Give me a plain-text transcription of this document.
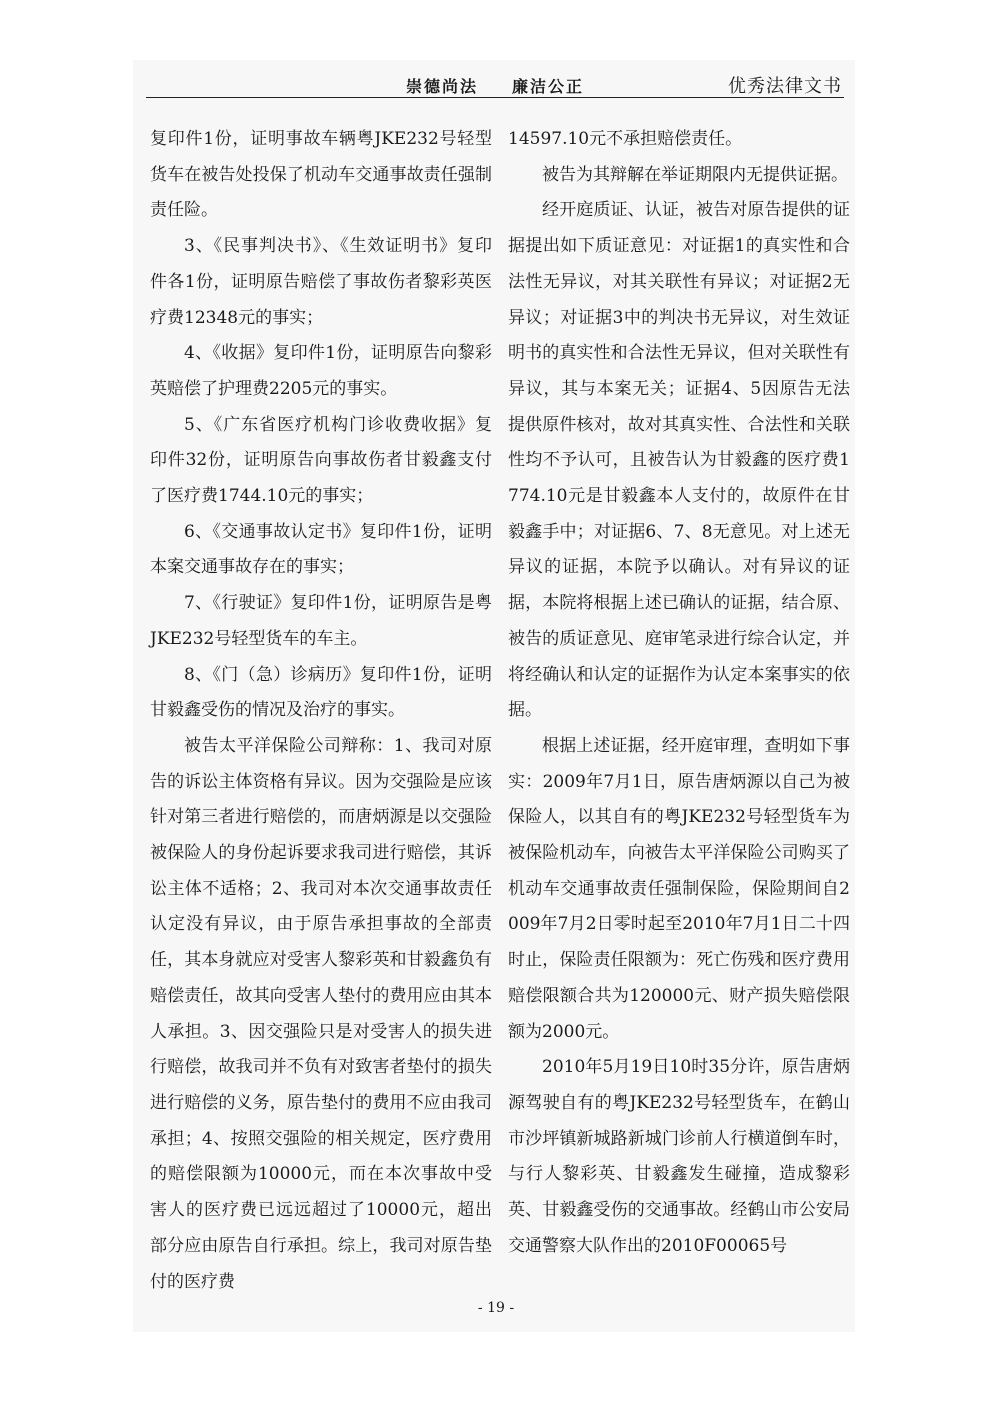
崇德尚法 廉洁公正	优秀法律文书

复印件1份，证明事故车辆粤JKE232号轻型货车在被告处投保了机动车交通事故责任强制责任险。

3、《民事判决书》、《生效证明书》复印件各1份，证明原告赔偿了事故伤者黎彩英医疗费12348元的事实；

4、《收据》复印件1份，证明原告向黎彩英赔偿了护理费2205元的事实。

5、《广东省医疗机构门诊收费收据》复印件32份，证明原告向事故伤者甘毅鑫支付了医疗费1744.10元的事实；

6、《交通事故认定书》复印件1份，证明本案交通事故存在的事实；

7、《行驶证》复印件1份，证明原告是粤JKE232号轻型货车的车主。

8、《门（急）诊病历》复印件1份，证明甘毅鑫受伤的情况及治疗的事实。

被告太平洋保险公司辩称：1、我司对原告的诉讼主体资格有异议。因为交强险是应该针对第三者进行赔偿的，而唐炳源是以交强险被保险人的身份起诉要求我司进行赔偿，其诉讼主体不适格；2、我司对本次交通事故责任认定没有异议，由于原告承担事故的全部责任，其本身就应对受害人黎彩英和甘毅鑫负有赔偿责任，故其向受害人垫付的费用应由其本人承担。3、因交强险只是对受害人的损失进行赔偿，故我司并不负有对致害者垫付的损失进行赔偿的义务，原告垫付的费用不应由我司承担；4、按照交强险的相关规定，医疗费用的赔偿限额为10000元，而在本次事故中受害人的医疗费已远远超过了10000元，超出部分应由原告自行承担。综上，我司对原告垫付的医疗费

14597.10元不承担赔偿责任。

被告为其辩解在举证期限内无提供证据。

经开庭质证、认证，被告对原告提供的证据提出如下质证意见：对证据1的真实性和合法性无异议，对其关联性有异议；对证据2无异议；对证据3中的判决书无异议，对生效证明书的真实性和合法性无异议，但对关联性有异议，其与本案无关；证据4、5因原告无法提供原件核对，故对其真实性、合法性和关联性均不予认可，且被告认为甘毅鑫的医疗费1774.10元是甘毅鑫本人支付的，故原件在甘毅鑫手中；对证据6、7、8无意见。对上述无异议的证据，本院予以确认。对有异议的证据，本院将根据上述已确认的证据，结合原、被告的质证意见、庭审笔录进行综合认定，并将经确认和认定的证据作为认定本案事实的依据。

根据上述证据，经开庭审理，查明如下事实：2009年7月1日，原告唐炳源以自己为被保险人，以其自有的粤JKE232号轻型货车为被保险机动车，向被告太平洋保险公司购买了机动车交通事故责任强制保险，保险期间自2009年7月2日零时起至2010年7月1日二十四时止，保险责任限额为：死亡伤残和医疗费用赔偿限额合共为120000元、财产损失赔偿限额为2000元。

2010年5月19日10时35分许，原告唐炳源驾驶自有的粤JKE232号轻型货车，在鹤山市沙坪镇新城路新城门诊前人行横道倒车时，与行人黎彩英、甘毅鑫发生碰撞，造成黎彩英、甘毅鑫受伤的交通事故。经鹤山市公安局交通警察大队作出的2010F00065号

- 19 -
